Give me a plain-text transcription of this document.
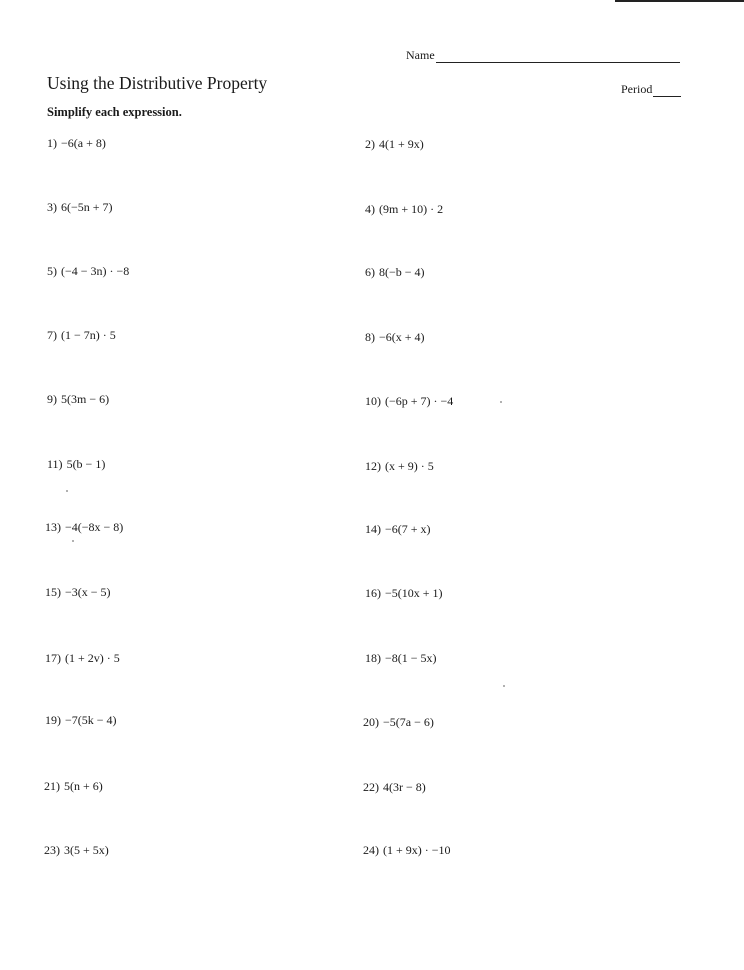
Name
Period
Using the Distributive Property
Simplify each expression.
1) −6(a + 8)
3) 6(−5n + 7)
5) (−4 − 3n) · −8
7) (1 − 7n) · 5
9) 5(3m − 6)
11) 5(b − 1)
13) −4(−8x − 8)
15) −3(x − 5)
17) (1 + 2v) · 5
19) −7(5k − 4)
21) 5(n + 6)
23) 3(5 + 5x)
2) 4(1 + 9x)
4) (9m + 10) · 2
6) 8(−b − 4)
8) −6(x + 4)
10) (−6p + 7) · −4
12) (x + 9) · 5
14) −6(7 + x)
16) −5(10x + 1)
18) −8(1 − 5x)
20) −5(7a − 6)
22) 4(3r − 8)
24) (1 + 9x) · −10
